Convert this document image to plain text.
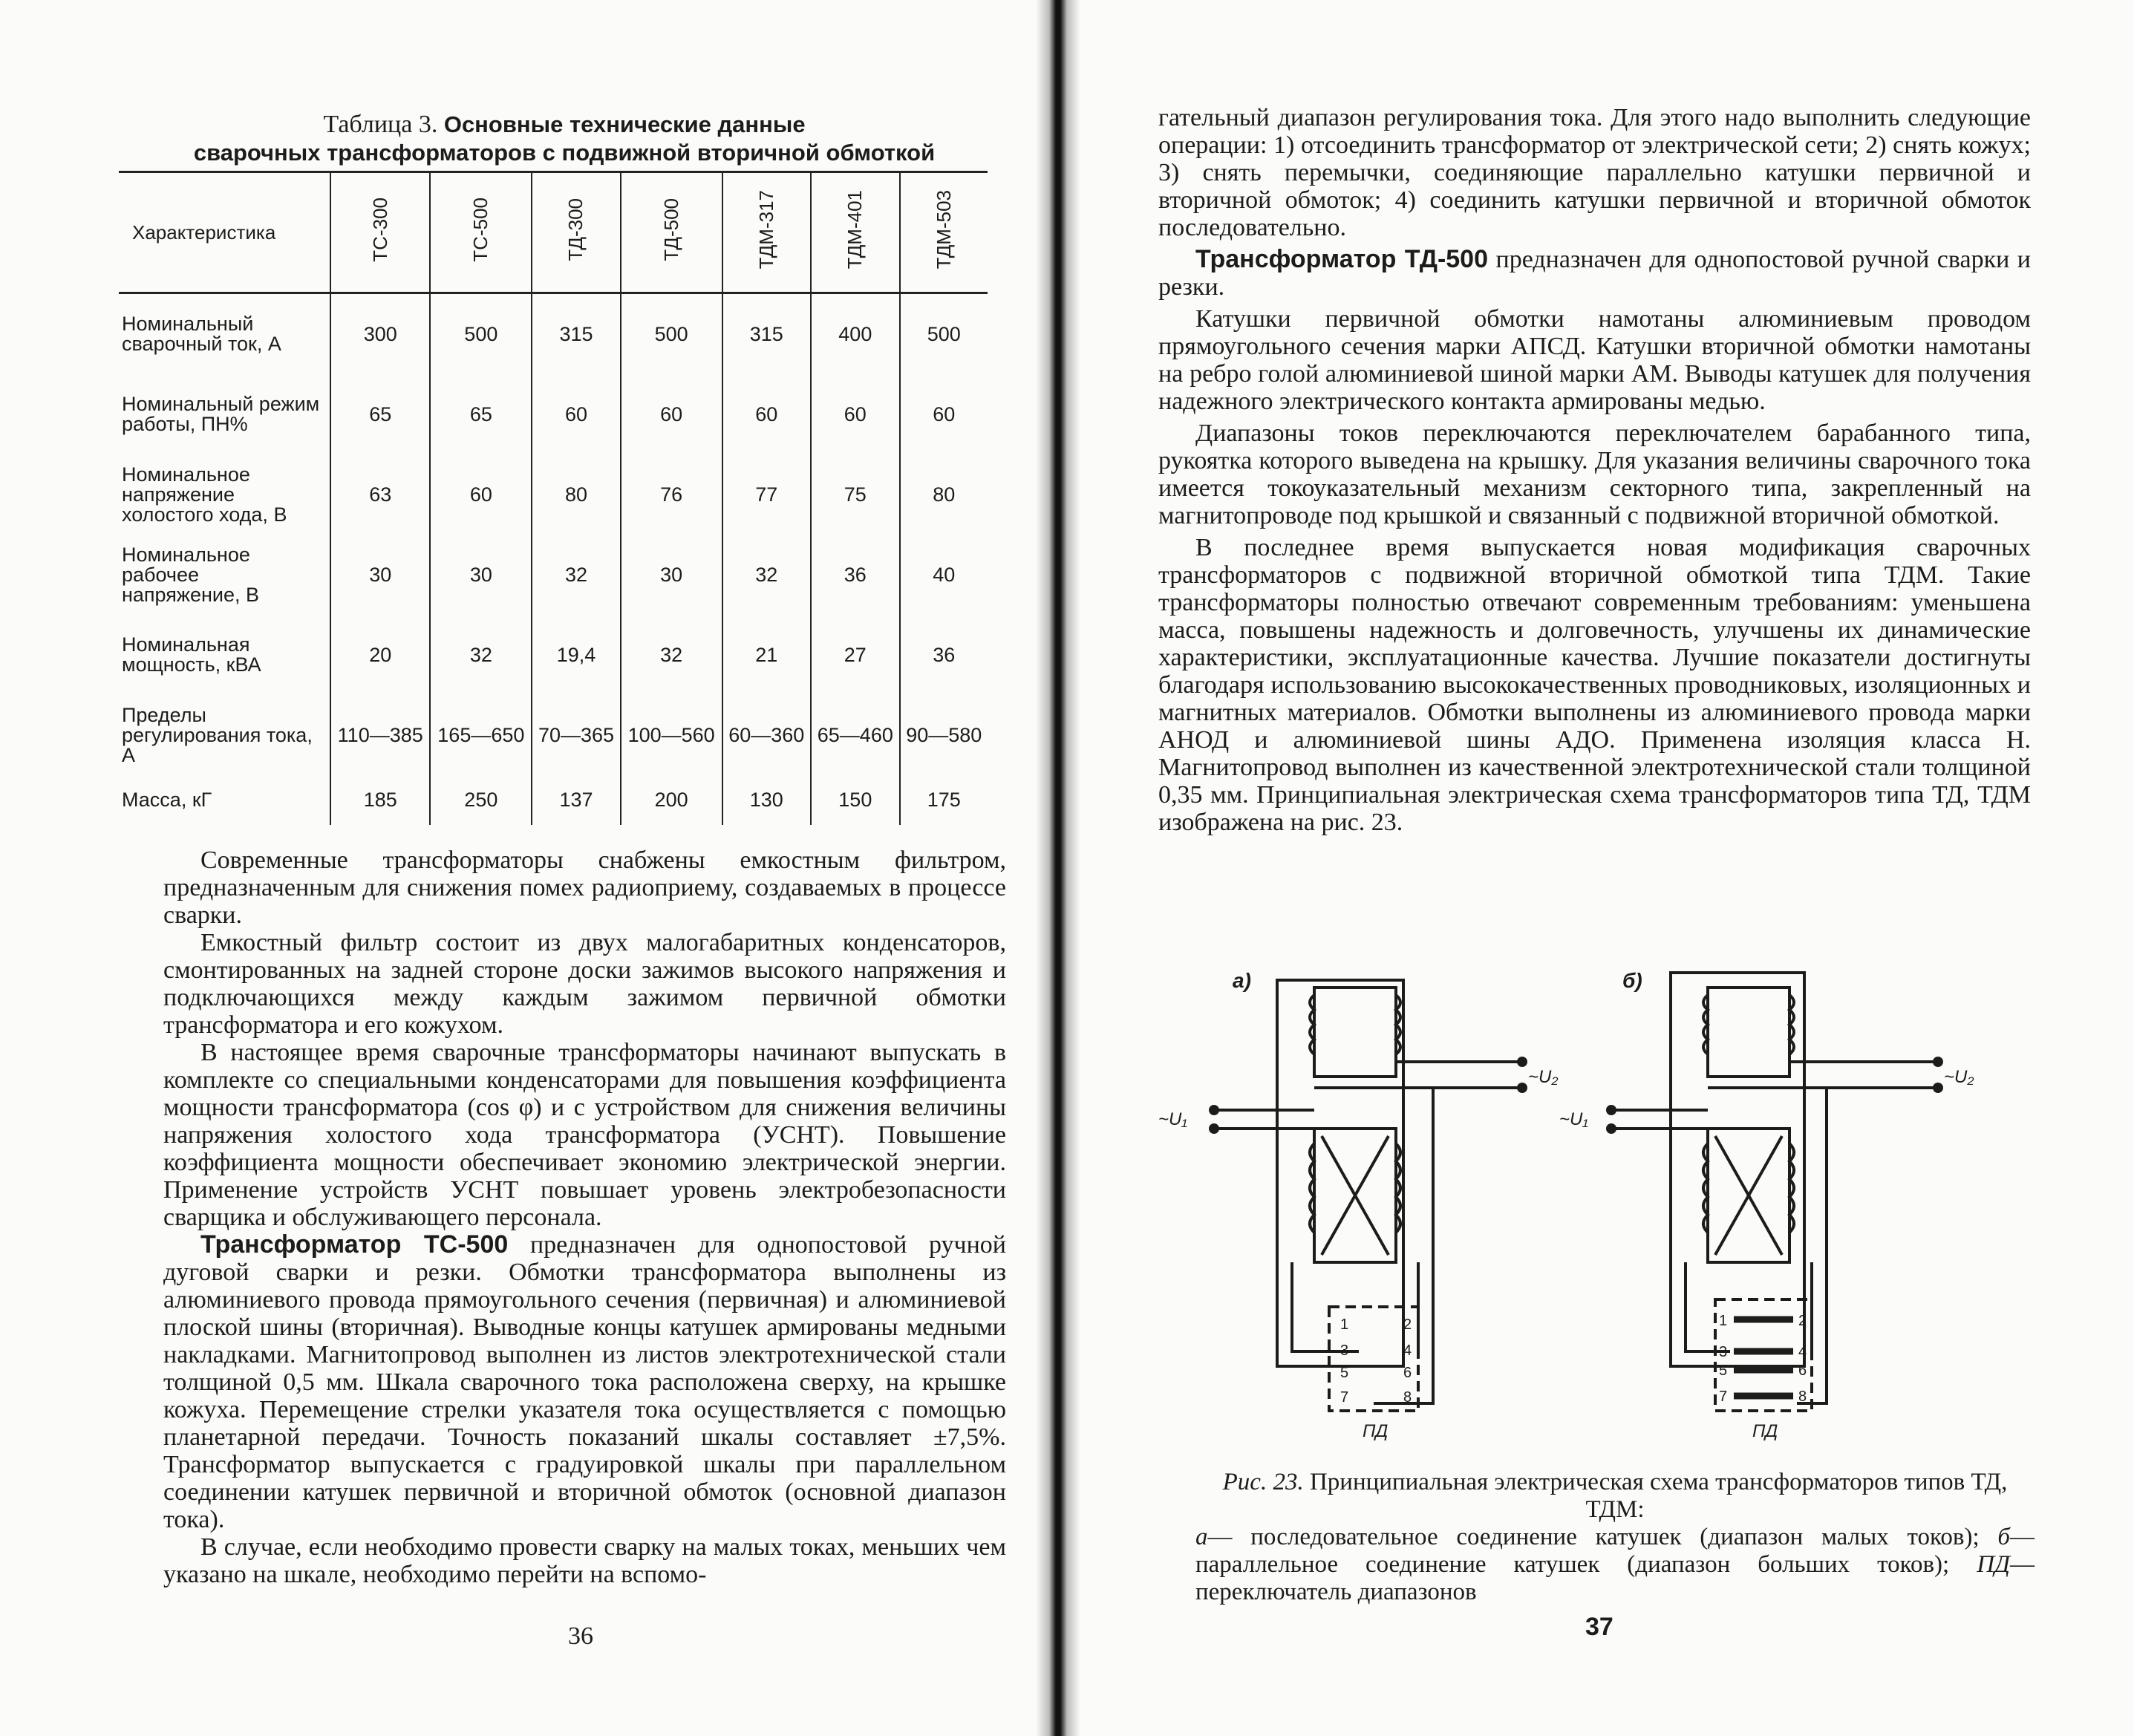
Таблица 3. Основные технические данные
сварочных трансформаторов с подвижной вторичной обмоткой
Характеристика	ТС-300	ТС-500	ТД-300	ТД-500	ТДМ-317	ТДМ-401	ТДМ-503
Номинальный сварочный ток, А	300	500	315	500	315	400	500
Номинальный режим работы, ПН%	65	65	60	60	60	60	60
Номинальное напряжение холостого хода, В	63	60	80	76	77	75	80
Номинальное рабочее напряжение, В	30	30	32	30	32	36	40
Номинальная мощность, кВА	20	32	19,4	32	21	27	36
Пределы регулирования тока, А	110—385	165—650	70—365	100—560	60—360	65—460	90—580
Масса, кГ	185	250	137	200	130	150	175

Современные трансформаторы снабжены емкостным фильтром, предназначенным для снижения помех радиоприему, создаваемых в процессе сварки.

Емкостный фильтр состоит из двух малогабаритных конденсаторов, смонтированных на задней стороне доски зажимов высокого напряжения и подключающихся между каждым зажимом первичной обмотки трансформатора и его кожухом.

В настоящее время сварочные трансформаторы начинают выпускать в комплекте со специальными конденсаторами для повышения коэффициента мощности трансформатора (cos φ) и с устройством для снижения величины напряжения холостого хода трансформатора (УСНТ). Повышение коэффициента мощности обеспечивает экономию электрической энергии. Применение устройств УСНТ повышает уровень электробезопасности сварщика и обслуживающего персонала.

Трансформатор ТС-500 предназначен для однопостовой ручной дуговой сварки и резки. Обмотки трансформатора выполнены из алюминиевого провода прямоугольного сечения (первичная) и алюминиевой плоской шины (вторичная). Выводные концы катушек армированы медными накладками. Магнитопровод выполнен из листов электротехнической стали толщиной 0,5 мм. Шкала сварочного тока расположена сверху, на крышке кожуха. Перемещение стрелки указателя тока осуществляется с помощью планетарной передачи. Точность показаний шкалы составляет ±7,5%. Трансформатор выпускается с градуировкой шкалы при параллельном соединении катушек первичной и вторичной обмоток (основной диапазон тока).

В случае, если необходимо провести сварку на малых токах, меньших чем указано на шкале, необходимо перейти на вспомо-

36

гательный диапазон регулирования тока. Для этого надо выполнить следующие операции: 1) отсоединить трансформатор от электрической сети; 2) снять кожух; 3) снять перемычки, соединяющие параллельно катушки первичной и вторичной обмоток; 4) соединить катушки первичной и вторичной обмоток последовательно.

Трансформатор ТД-500 предназначен для однопостовой ручной сварки и резки.

Катушки первичной обмотки намотаны алюминиевым проводом прямоугольного сечения марки АПСД. Катушки вторичной обмотки намотаны на ребро голой алюминиевой шиной марки АМ. Выводы катушек для получения надежного электрического контакта армированы медью.

Диапазоны токов переключаются переключателем барабанного типа, рукоятка которого выведена на крышку. Для указания величины сварочного тока имеется токоуказательный механизм секторного типа, закрепленный на магнитопроводе под крышкой и связанный с подвижной вторичной обмоткой.

В последнее время выпускается новая модификация сварочных трансформаторов с подвижной вторичной обмоткой типа ТДМ. Такие трансформаторы полностью отвечают современным требованиям: уменьшена масса, повышены надежность и долговечность, улучшены их динамические характеристики, эксплуатационные качества. Лучшие показатели достигнуты благодаря использованию высококачественных проводниковых, изоляционных и магнитных материалов. Обмотки выполнены из алюминиевого провода марки АНОД и алюминиевой шины АДО. Применена изоляция класса Н. Магнитопровод выполнен из качественной электротехнической стали толщиной 0,35 мм. Принципиальная электрическая схема трансформаторов типа ТД, ТДМ изображена на рис. 23.

а)
~U₂
~U₁
1	2
3	4
5	6
7	8
ПД
б)
~U₂
~U₁
1	2
3	4
5	6
7	8
ПД
Рис. 23. Принципиальная электрическая схема трансформаторов типов ТД, ТДМ:
а— последовательное соединение катушек (диапазон малых токов); б— параллельное соединение катушек (диапазон больших токов); ПД— переключатель диапазонов
37
